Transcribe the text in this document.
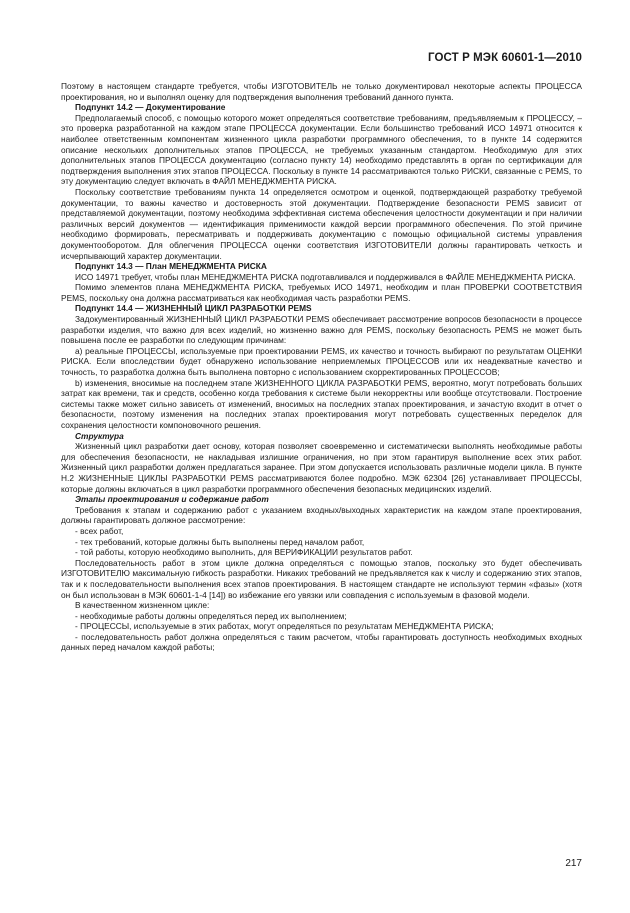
ГОСТ Р МЭК 60601-1—2010

Поэтому в настоящем стандарте требуется, чтобы ИЗГОТОВИТЕЛЬ не только документировал некоторые аспекты ПРОЦЕССА проектирования, но и выполнял оценку для подтверждения выполнения требований данного пункта.

Подпункт 14.2 — Документирование

Предполагаемый способ, с помощью которого может определяться соответствие требованиям, предъявляемым к ПРОЦЕССУ, – это проверка разработанной на каждом этапе ПРОЦЕССА документации. Если большинство требований ИСО 14971 относится к наиболее ответственным компонентам жизненного цикла разработки программного обеспечения, то в пункте 14 содержится описание нескольких дополнительных этапов ПРОЦЕССА, не требуемых указанным стандартом. Необходимую для этих дополнительных этапов ПРОЦЕССА документацию (согласно пункту 14) необходимо представлять в орган по сертификации для подтверждения выполнения этих этапов ПРОЦЕССА. Поскольку в пункте 14 рассматриваются только РИСКИ, связанные с PEMS, то эту документацию следует включать в ФАЙЛ МЕНЕДЖМЕНТА РИСКА.

Поскольку соответствие требованиям пункта 14 определяется осмотром и оценкой, подтверждающей разработку требуемой документации, то важны качество и достоверность этой документации. Подтверждение безопасности PEMS зависит от представляемой документации, поэтому необходима эффективная система обеспечения целостности документации и при наличии различных версий документов — идентификация применимости каждой версии программного обеспечения. По этой причине необходимо формировать, пересматривать и поддерживать документацию с помощью официальной системы управления документооборотом. Для облегчения ПРОЦЕССА оценки соответствия ИЗГОТОВИТЕЛИ должны гарантировать четкость и исчерпывающий характер документации.

Подпункт 14.3 — План МЕНЕДЖМЕНТА РИСКА

ИСО 14971 требует, чтобы план МЕНЕДЖМЕНТА РИСКА подготавливался и поддерживался в ФАЙЛЕ МЕНЕДЖМЕНТА РИСКА.

Помимо элементов плана МЕНЕДЖМЕНТА РИСКА, требуемых ИСО 14971, необходим и план ПРОВЕРКИ СООТВЕТСТВИЯ PEMS, поскольку она должна рассматриваться как необходимая часть разработки PEMS.

Подпункт 14.4 — ЖИЗНЕННЫЙ ЦИКЛ РАЗРАБОТКИ PEMS

Задокументированный ЖИЗНЕННЫЙ ЦИКЛ РАЗРАБОТКИ PEMS обеспечивает рассмотрение вопросов безопасности в процессе разработки изделия, что важно для всех изделий, но жизненно важно для PEMS, поскольку безопасность PEMS не может быть повышена после ее разработки по следующим причинам:

a) реальные ПРОЦЕССЫ, используемые при проектировании PEMS, их качество и точность выбирают по результатам ОЦЕНКИ РИСКА. Если впоследствии будет обнаружено использование неприемлемых ПРОЦЕССОВ или их неадекватные качество и точность, то разработка должна быть выполнена повторно с использованием скорректированных ПРОЦЕССОВ;

b) изменения, вносимые на последнем этапе ЖИЗНЕННОГО ЦИКЛА РАЗРАБОТКИ PEMS, вероятно, могут потребовать больших затрат как времени, так и средств, особенно когда требования к системе были некорректны или вообще отсутствовали. Построение системы также может сильно зависеть от изменений, вносимых на последних этапах проектирования, и зачастую входит в отчет о безопасности, поэтому изменения на последних этапах проектирования могут потребовать существенных переделок для сохранения целостности компоновочного решения.

Структура

Жизненный цикл разработки дает основу, которая позволяет своевременно и систематически выполнять необходимые работы для обеспечения безопасности, не накладывая излишние ограничения, но при этом гарантируя выполнение всех этих работ. Жизненный цикл разработки должен предлагаться заранее. При этом допускается использовать различные модели цикла. В пункте Н.2 ЖИЗНЕННЫЕ ЦИКЛЫ РАЗРАБОТКИ PEMS рассматриваются более подробно. МЭК 62304 [26] устанавливает ПРОЦЕССЫ, которые должны включаться в цикл разработки программного обеспечения безопасных медицинских изделий.

Этапы проектирования и содержание работ

Требования к этапам и содержанию работ с указанием входных/выходных характеристик на каждом этапе проектирования, должны гарантировать должное рассмотрение:

- всех работ,

- тех требований, которые должны быть выполнены перед началом работ,

- той работы, которую необходимо выполнить, для ВЕРИФИКАЦИИ результатов работ.

Последовательность работ в этом цикле должна определяться с помощью этапов, поскольку это будет обеспечивать ИЗГОТОВИТЕЛЮ максимальную гибкость разработки. Никаких требований не предъявляется как к числу и содержанию этих этапов, так и к последовательности выполнения всех этапов проектирования. В настоящем стандарте не используют термин «фазы» (хотя он был использован в МЭК 60601-1-4 [14]) во избежание его увязки или совпадения с используемым в фазовой модели.

В качественном жизненном цикле:

- необходимые работы должны определяться перед их выполнением;

- ПРОЦЕССЫ, используемые в этих работах, могут определяться по результатам МЕНЕДЖМЕНТА РИСКА;

- последовательность работ должна определяться с таким расчетом, чтобы гарантировать доступность необходимых входных данных перед началом каждой работы;

217
